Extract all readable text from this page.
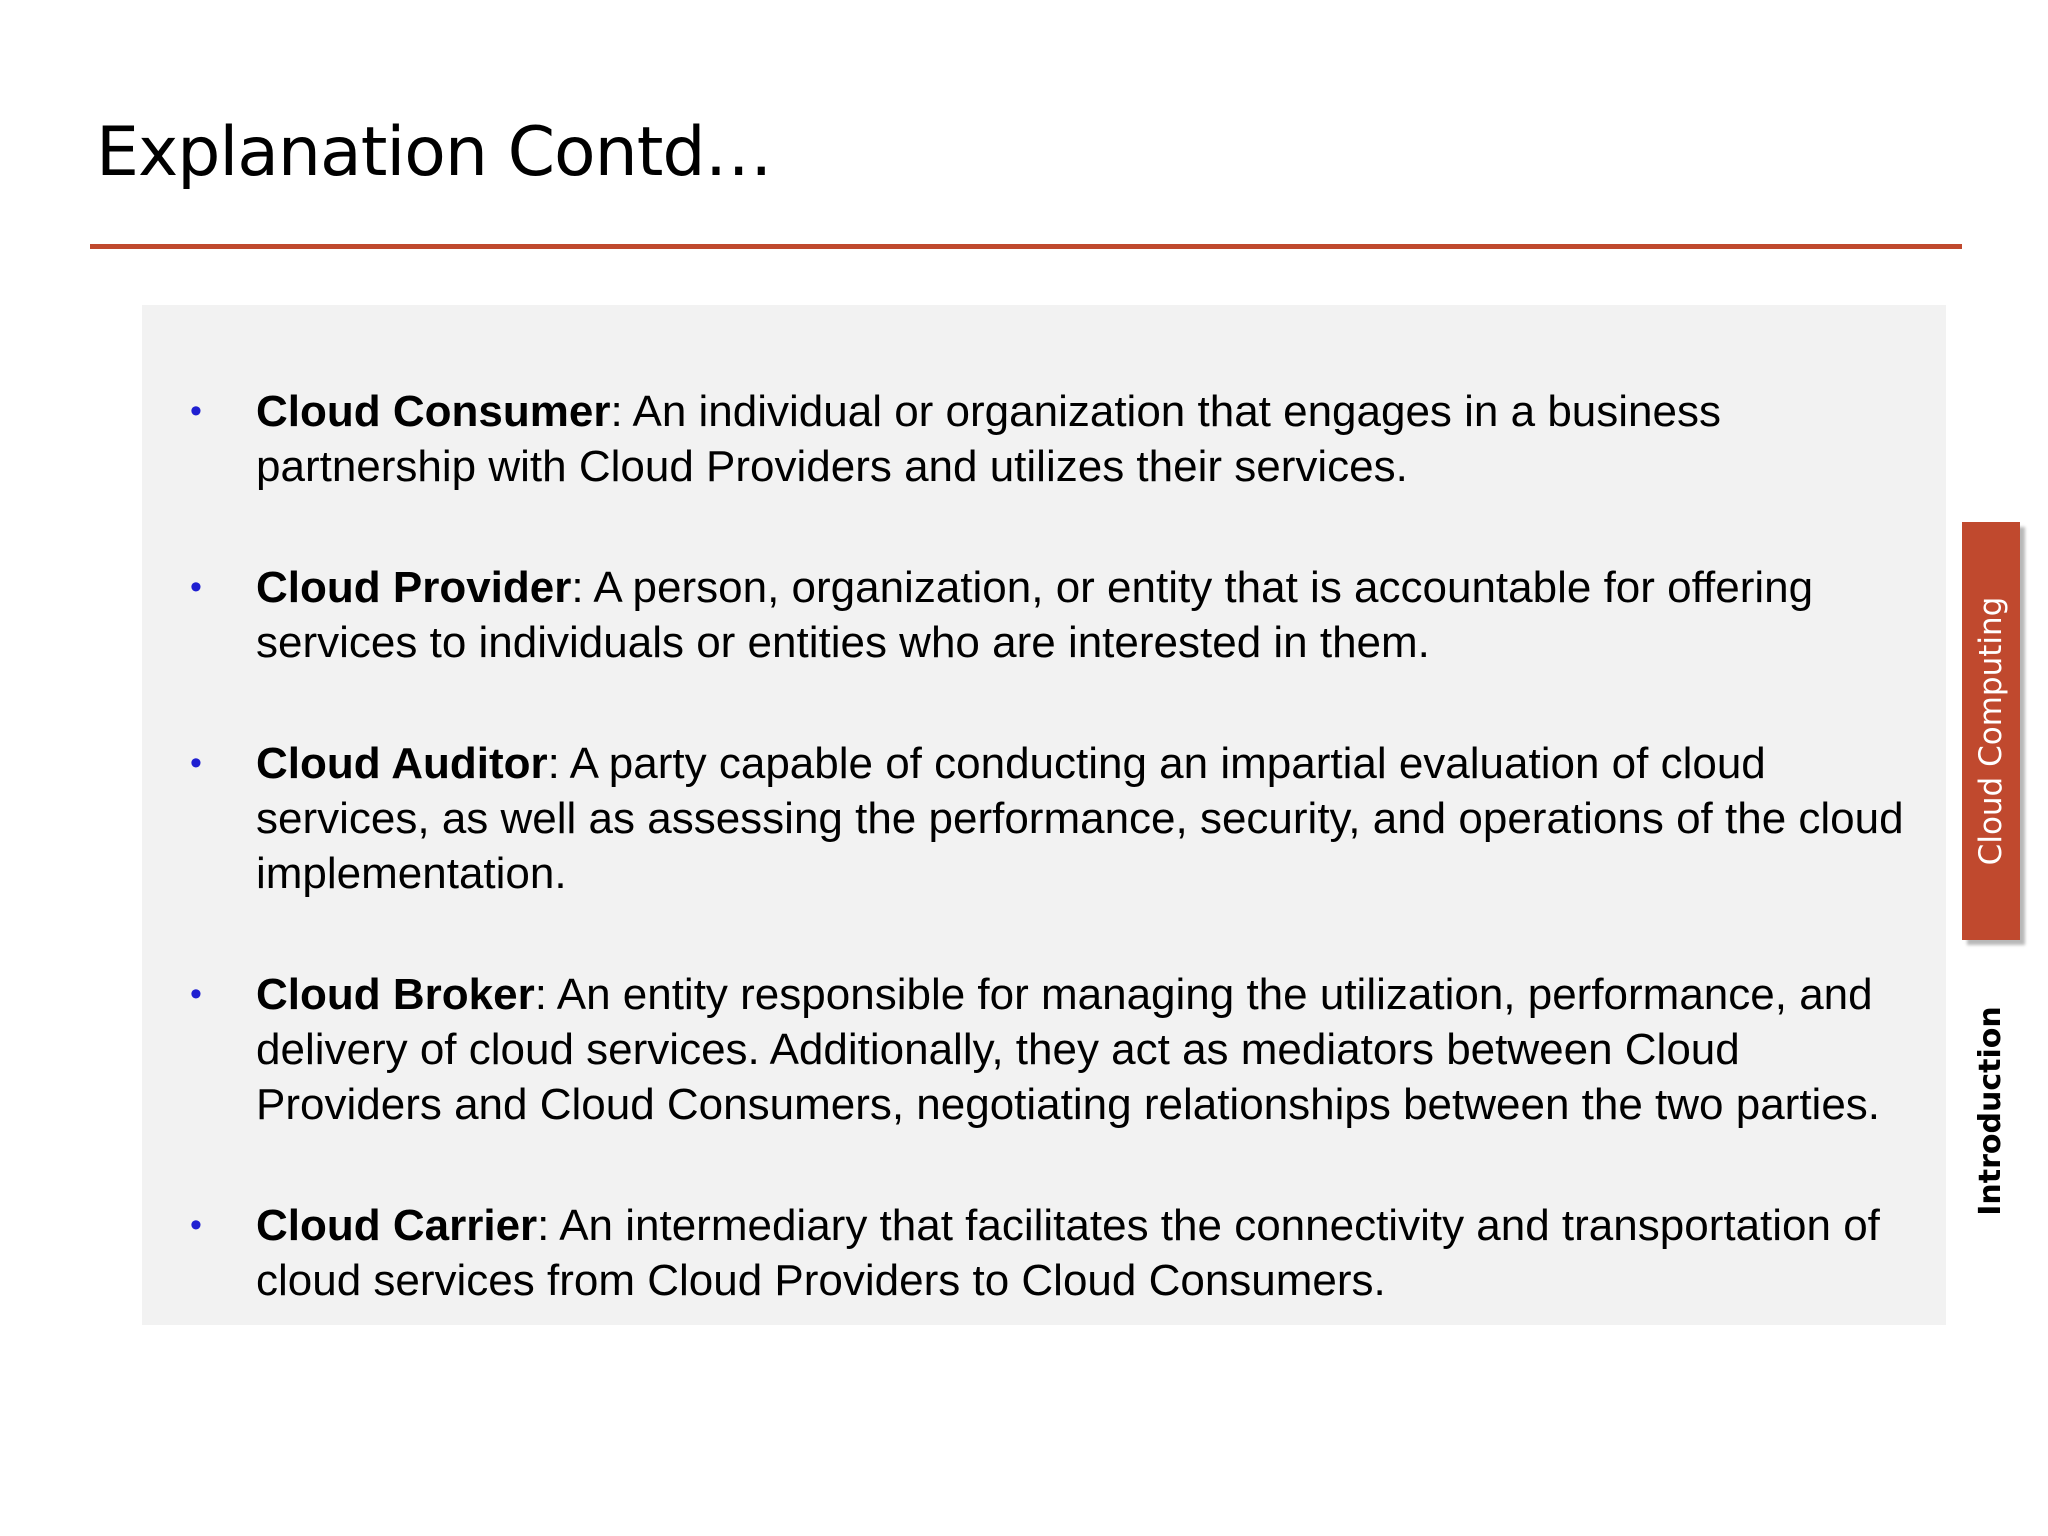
Explanation Contd…
• Cloud Consumer: An individual or organization that engages in a business partnership with Cloud Providers and utilizes their services.
• Cloud Provider: A person, organization, or entity that is accountable for offering services to individuals or entities who are interested in them.
• Cloud Auditor: A party capable of conducting an impartial evaluation of cloud services, as well as assessing the performance, security, and operations of the cloud implementation.
• Cloud Broker: An entity responsible for managing the utilization, performance, and delivery of cloud services. Additionally, they act as mediators between Cloud Providers and Cloud Consumers, negotiating relationships between the two parties.
• Cloud Carrier: An intermediary that facilitates the connectivity and transportation of cloud services from Cloud Providers to Cloud Consumers.
Cloud Computing
Introduction
